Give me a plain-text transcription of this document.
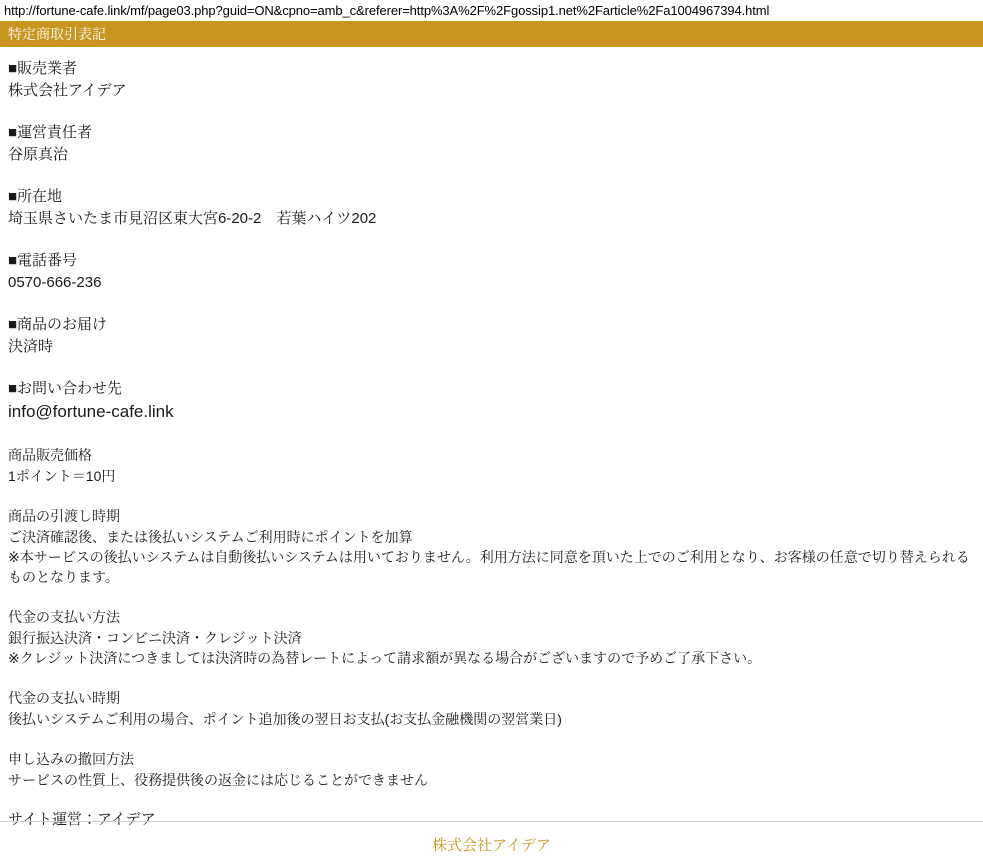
http://fortune-cafe.link/mf/page03.php?guid=ON&cpno=amb_c&referer=http%3A%2F%2Fgossip1.net%2Farticle%2Fa1004967394.html
特定商取引表記

■販売業者

株式会社アイデア

■運営責任者

谷原真治

■所在地

埼玉県さいたま市見沼区東大宮6-20-2　若葉ハイツ202

■電話番号

0570-666-236

■商品のお届け

決済時

■お問い合わせ先

info@fortune-cafe.link

商品販売価格

1ポイント＝10円

商品の引渡し時期

ご決済確認後、または後払いシステムご利用時にポイントを加算

※本サービスの後払いシステムは自動後払いシステムは用いておりません。利用方法に同意を頂いた上でのご利用となり、お客様の任意で切り替えられるものとなります。

代金の支払い方法

銀行振込決済・コンビニ決済・クレジット決済

※クレジット決済につきましては決済時の為替レートによって請求額が異なる場合がございますので予めご了承下さい。

代金の支払い時期

後払いシステムご利用の場合、ポイント追加後の翌日お支払(お支払金融機関の翌営業日)

申し込みの撤回方法

サービスの性質上、役務提供後の返金には応じることができません

サイト運営：アイデア

株式会社アイデア
